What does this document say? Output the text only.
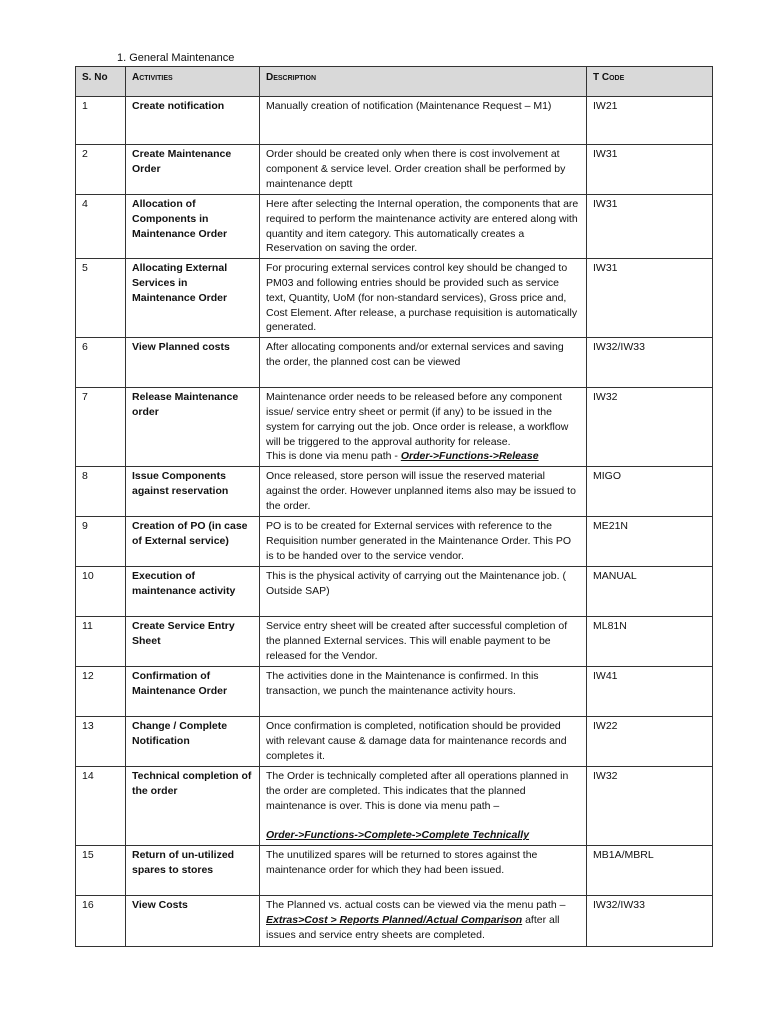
1. General Maintenance
S. No	Activities	Description	T Code
1	Create notification	Manually creation of notification (Maintenance Request – M1)	IW21
2	Create Maintenance Order	Order should be created only when there is cost involvement at component & service level. Order creation shall be performed by maintenance deptt	IW31
4	Allocation of Components in Maintenance Order	Here after selecting the Internal operation, the components that are required to perform the maintenance activity are entered along with quantity and item category. This automatically creates a Reservation on saving the order.	IW31
5	Allocating External Services in Maintenance Order	For procuring external services control key should be changed to PM03 and following entries should be provided such as service text, Quantity, UoM (for non-standard services), Gross price and, Cost Element. After release, a purchase requisition is automatically generated.	IW31
6	View Planned costs	After allocating components and/or external services and saving the order, the planned cost can be viewed	IW32/IW33
7	Release Maintenance order	Maintenance order needs to be released before any component issue/ service entry sheet or permit (if any) to be issued in the system for carrying out the job. Once order is release, a workflow will be triggered to the approval authority for release.
This is done via menu path - Order->Functions->Release	IW32
8	Issue Components against reservation	Once released, store person will issue the reserved material against the order. However unplanned items also may be issued to the order.	MIGO
9	Creation of PO (in case of External service)	PO is to be created for External services with reference to the Requisition number generated in the Maintenance Order. This PO is to be handed over to the service vendor.	ME21N
10	Execution of maintenance activity	This is the physical activity of carrying out the Maintenance job. ( Outside SAP)	MANUAL
11	Create Service Entry Sheet	Service entry sheet will be created after successful completion of the planned External services. This will enable payment to be released for the Vendor.	ML81N
12	Confirmation of Maintenance Order	The activities done in the Maintenance is confirmed. In this transaction, we punch the maintenance activity hours.	IW41
13	Change / Complete Notification	Once confirmation is completed, notification should be provided with relevant cause & damage data for maintenance records and completes it.	IW22
14	Technical completion of the order	The Order is technically completed after all operations planned in the order are completed. This indicates that the planned maintenance is over. This is done via menu path –
Order->Functions->Complete->Complete Technically	IW32
15	Return of un-utilized spares to stores	The unutilized spares will be returned to stores against the maintenance order for which they had been issued.	MB1A/MBRL
16	View Costs	The Planned vs. actual costs can be viewed via the menu path – Extras>Cost > Reports Planned/Actual Comparison after all issues and service entry sheets are completed.	IW32/IW33
